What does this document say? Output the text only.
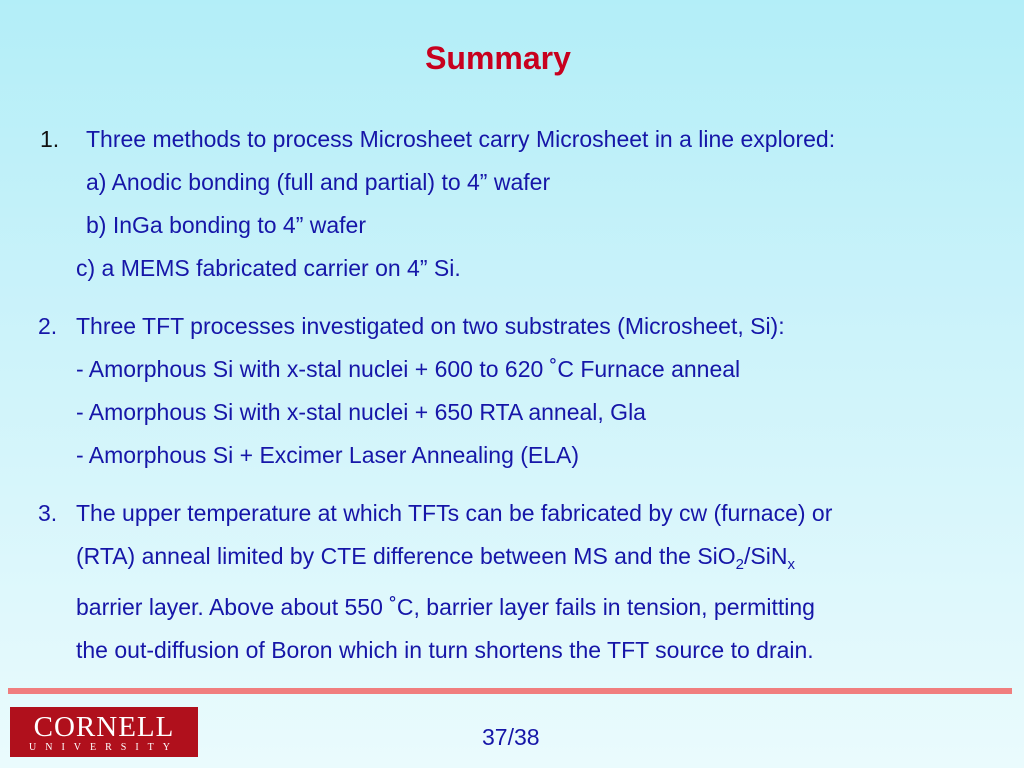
Summary
1. Three methods to process Microsheet carry Microsheet in a line explored:
a) Anodic bonding (full and partial) to 4” wafer
b) InGa bonding to 4” wafer
c) a MEMS fabricated carrier on 4” Si.
2. Three TFT processes investigated on two substrates (Microsheet, Si):
- Amorphous Si with x-stal nuclei + 600 to 620 ˚C Furnace anneal
- Amorphous Si with x-stal nuclei + 650 RTA anneal, Gla
- Amorphous Si + Excimer Laser Annealing (ELA)
3. The upper temperature at which TFTs can be fabricated by cw (furnace) or
(RTA) anneal limited by CTE difference between MS and the SiO$_2$/SiN$_x$
barrier layer. Above about 550 ˚C, barrier layer fails in tension, permitting
the out-diffusion of Boron which in turn shortens the TFT source to drain.
CORNELL
UNIVERSITY	37/38
